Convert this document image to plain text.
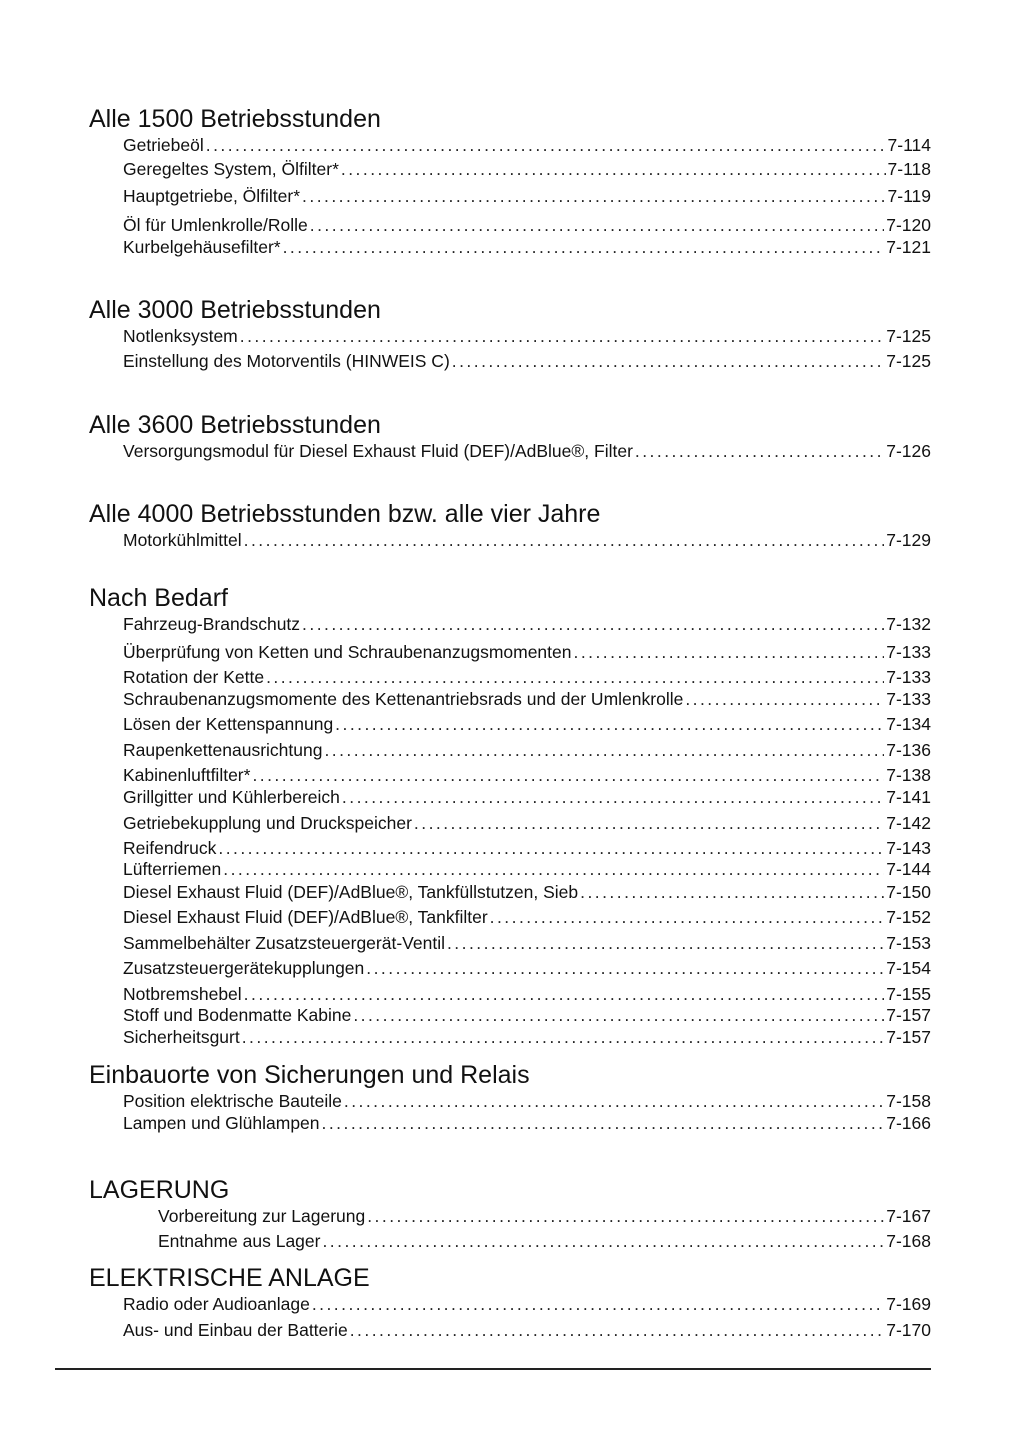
Alle 1500 Betriebsstunden
Getriebeöl . . .	7-114
Geregeltes System, Ölfilter* . . .	7-118
Hauptgetriebe, Ölfilter* . . .	7-119
Öl für Umlenkrolle/Rolle . . .	7-120
Kurbelgehäusefilter* . . .	7-121
Alle 3000 Betriebsstunden
Notlenksystem . . .	7-125
Einstellung des Motorventils (HINWEIS C) . . .	7-125
Alle 3600 Betriebsstunden
Versorgungsmodul für Diesel Exhaust Fluid (DEF)/AdBlue®, Filter . . .	7-126
Alle 4000 Betriebsstunden bzw. alle vier Jahre
Motorkühlmittel . . .	7-129
Nach Bedarf
Fahrzeug-Brandschutz . . .	7-132
Überprüfung von Ketten und Schraubenanzugsmomenten . . .	7-133
Rotation der Kette . . .	7-133
Schraubenanzugsmomente des Kettenantriebsrads und der Umlenkrolle . . .	7-133
Lösen der Kettenspannung . . .	7-134
Raupenkettenausrichtung . . .	7-136
Kabinenluftfilter* . . .	7-138
Grillgitter und Kühlerbereich . . .	7-141
Getriebekupplung und Druckspeicher . . .	7-142
Reifendruck . . .	7-143
Lüfterriemen . . .	7-144
Diesel Exhaust Fluid (DEF)/AdBlue®, Tankfüllstutzen, Sieb . . .	7-150
Diesel Exhaust Fluid (DEF)/AdBlue®, Tankfilter . . .	7-152
Sammelbehälter Zusatzsteuergerät-Ventil . . .	7-153
Zusatzsteuergerätekupplungen . . .	7-154
Notbremshebel . . .	7-155
Stoff und Bodenmatte Kabine . . .	7-157
Sicherheitsgurt . . .	7-157
Einbauorte von Sicherungen und Relais
Position elektrische Bauteile . . .	7-158
Lampen und Glühlampen . . .	7-166
LAGERUNG
Vorbereitung zur Lagerung . . .	7-167
Entnahme aus Lager . . .	7-168
ELEKTRISCHE ANLAGE
Radio oder Audioanlage . . .	7-169
Aus- und Einbau der Batterie . . .	7-170
